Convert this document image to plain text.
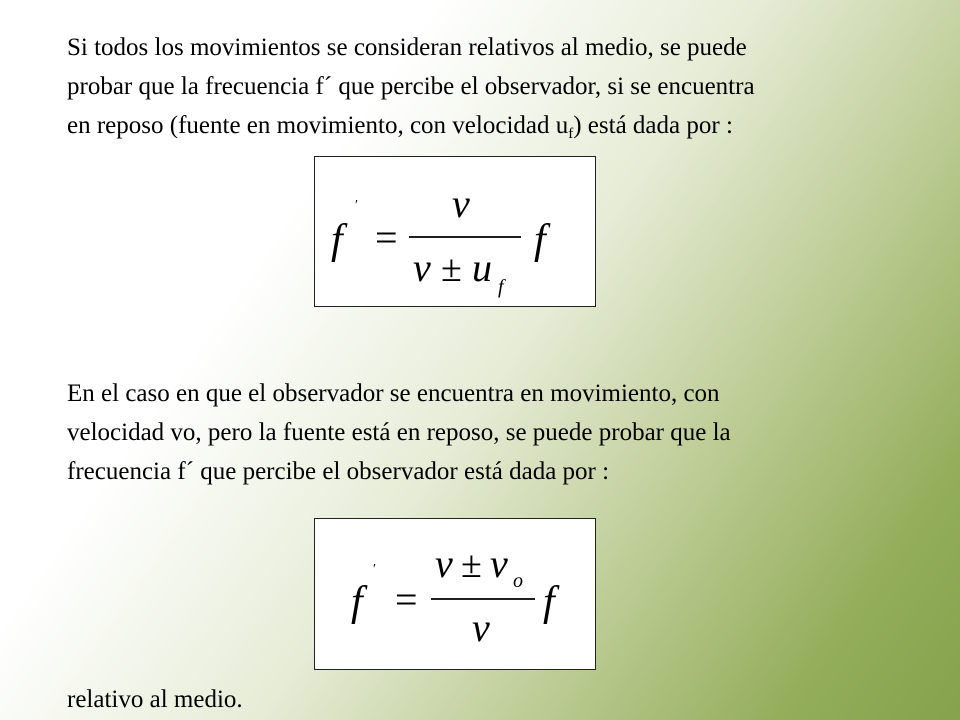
Si todos los movimientos se consideran relativos al medio, se puede
probar que la frecuencia f´ que percibe el observador, si se encuentra
en reposo (fuente en movimiento, con velocidad $u_f$) está dada por :

f
′
=
v
v ± u f
f

En el caso en que el observador se encuentra en movimiento, con
velocidad vo, pero la fuente está en reposo, se puede probar que la
frecuencia f´ que percibe el observador está dada por :

f
′
=
v ± v o
v
f

relativo al medio.
